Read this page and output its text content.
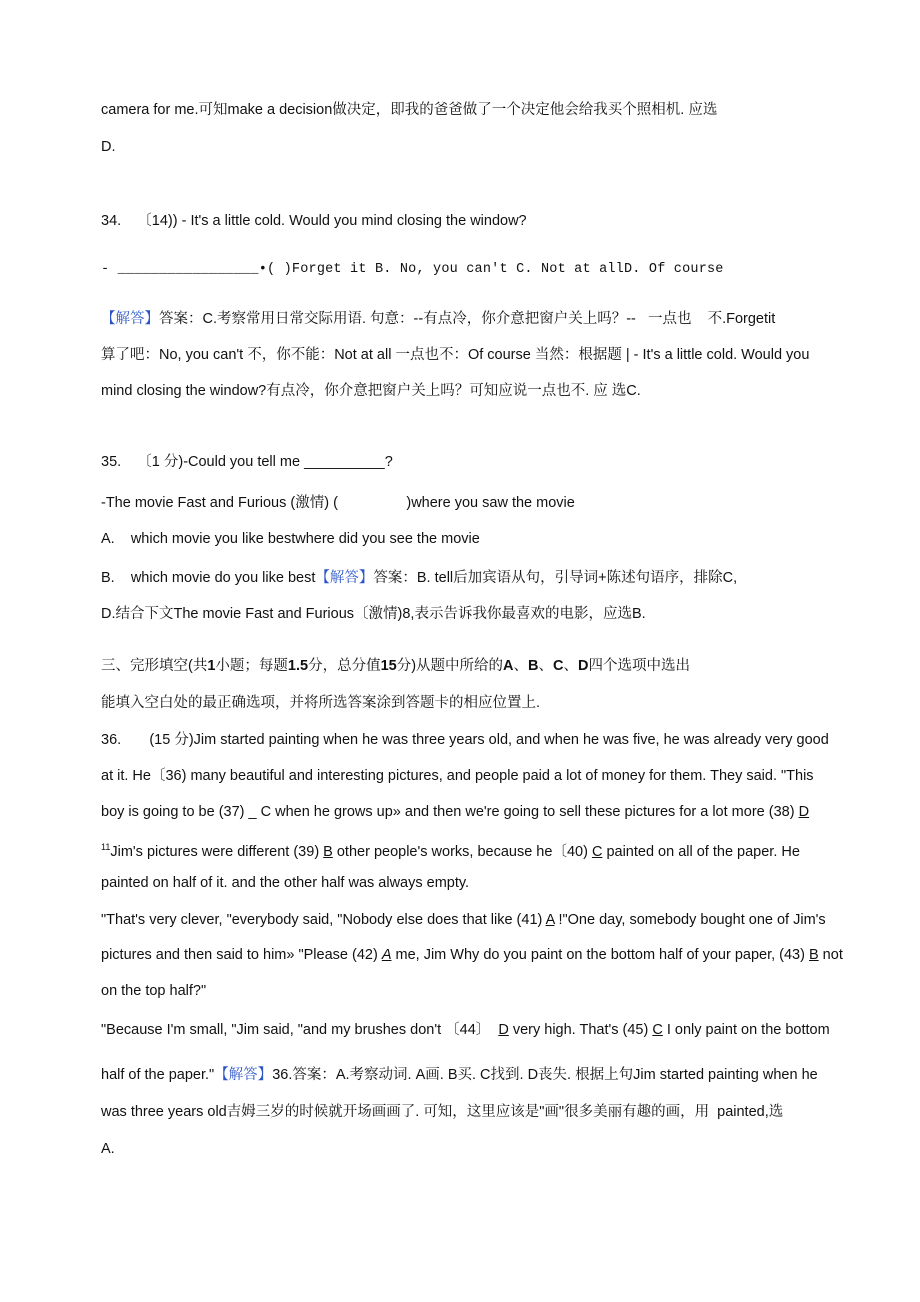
camera for me.可知make a decision做决定，即我的爸爸做了一个决定他会给我买个照相机. 应选
D.
34.    〔14)) - It's a little cold. Would you mind closing the window?
- _________________•( )Forget it B. No, you can't C. Not at allD. Of course
【解答】答案：C.考察常用日常交际用语. 句意：--有点冷，你介意把窗户关上吗？--   一点也    不.Forgetit
算了吧：No, you can't 不，你不能：Not at all 一点也不：Of course 当然：根据题 | - It's a little cold. Would you
mind closing the window?有点冷，你介意把窗户关上吗？可知应说一点也不. 应 选C.
35.    〔1 分)-Could you tell me __________?
-The movie Fast and Furious (激情) (                 )where you saw the movie
A.    which movie you like bestwhere did you see the movie
B.    which movie do you like best【解答】答案：B. tell后加宾语从句，引导词+陈述句语序，排除C,
D.结合下文The movie Fast and Furious〔激情)8,表示告诉我你最喜欢的电影，应选B.
三、完形填空(共1小题；每题1.5分，总分值15分)从题中所给的A、B、C、D四个选项中选出
能填入空白处的最正确选项，并将所选答案涂到答题卡的相应位置上.
36.       (15 分)Jim started painting when he was three years old, and when he was five, he was already very good
at it. He〔36) many beautiful and interesting pictures, and people paid a lot of money for them. They said. "This
boy is going to be (37) _ C when he grows up» and then we're going to sell these pictures for a lot more (38) D
$^{11}$Jim's pictures were different (39) B other people's works, because he〔40) C painted on all of the paper. He
painted on half of it. and the other half was always empty.
"That's very clever, "everybody said, "Nobody else does that like (41) A !"One day, somebody bought one of Jim's
pictures and then said to him» "Please (42) A me, Jim Why do you paint on the bottom half of your paper, (43) B not
on the top half?"
"Because I'm small, "Jim said, "and my brushes don't 〔44〕  D very high. That's (45) C I only paint on the bottom
half of the paper."【解答】36.答案：A.考察动词. A画. B买. C找到. D丧失. 根据上句Jim started painting when he
was three years old吉姆三岁的时候就开场画画了. 可知，这里应该是"画"很多美丽有趣的画，用  painted,选
A.
